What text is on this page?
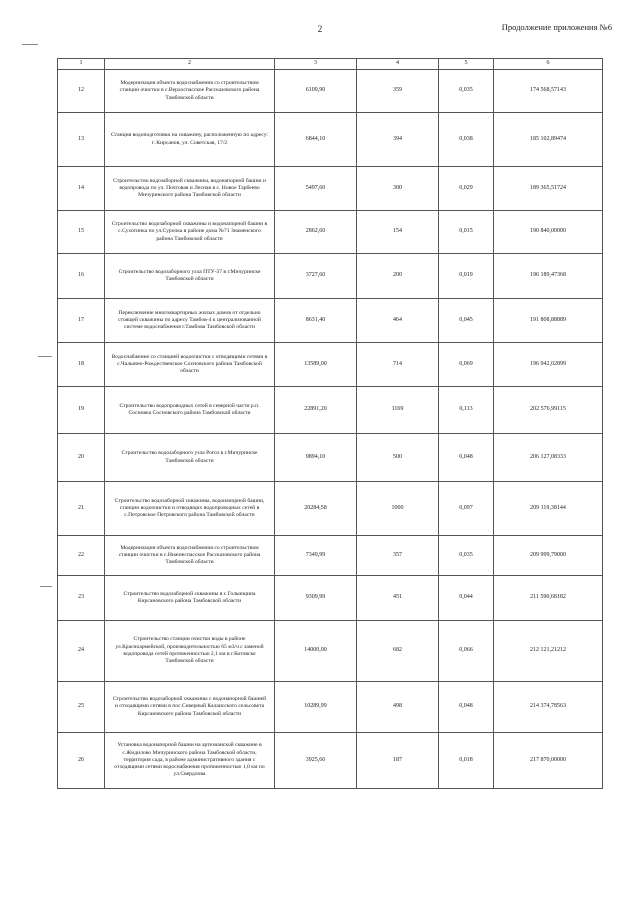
2	Продолжение приложения №6
1	2	3	4	5	6
12	Модернизация объекта водоснабжения со строительством станции очистки в с.Верхоспасское Рассказовского района Тамбовской области	6109,90	359	0,035	174 568,57143
13	Станция водоподготовки на скважину, расположенную по адресу: г. Кирсанов, ул. Советская, 17/2	6844,10	394	0,038	185 102,89474
14	Строительство водозаборной скважины, водонапорной башни и водопровода по ул. Почтовая и Лесная в с. Новое Тарбеево Мичуринского района Тамбовской области	5497,60	300	0,029	189 365,51724
15	Строительство водозаборной скважины и водонапорной башни в с.Сухотинка по ул.Сурочка в районе дома №71 Знаменского района Тамбовской области	2862,60	154	0,015	190 840,00000
16	Строительство водозаборного узла ПТУ-37 в г.Мичуринске Тамбовской области	3727,60	200	0,019	196 189,47368
17	Переключение многоквартирных жилых домов от отдельно стоящей скважины по адресу Тамбов-4 к централизованной системе водоснабжения г.Тамбова Тамбовской области	8631,40	464	0,045	191 808,88889
18	Водоснабжение со станцией водоочистки с отводящими сетями в с.Чалынно-Рождественское Сосновского района Тамбовской области	13589,00	714	0,069	196 942,02899
19	Строительство водопроводных сетей в северной части р.п. Сосновка Сосновского района Тамбовской области	22891,20	1169	0,113	202 576,99115
20	Строительство водозаборного узла Рогоз в г.Мичуринске Тамбовской области	9894,10	500	0,048	206 127,08333
21	Строительство водозаборной скважины, водонапорной башни, станции водоочистки и отводящих водопроводных сетей в с.Петровское Петровского района Тамбовской области	20284,58	1000	0,097	209 119,38144
22	Модернизация объекта водоснабжения со строительством станции очистки в с.Нижнеспасское Рассказовского района Тамбовской области	7349,99	357	0,035	209 999,79000
23	Строительство водозаборной скважины в с.Голынщина Кирсановского района Тамбовской области	9309,99	451	0,044	211 590,68182
24	Строительство станции очистки воды в районе ул.Красноармейской, производительностью 65 м3/ч с заменой водопровода сетей протяженностью 2,1 км в г.Котовске Тамбовской области	14000,00	682	0,066	212 121,21212
25	Строительство водозаборной скважины с водонапорной башней и отходящими сетями в пос.Северный Калаисского сельсовета Кирсановского района Тамбовской области	10289,99	498	0,048	214 374,78563
26	Установка водонапорной башни на артезианской скважине в с.Жидилово Мичуринского района Тамбовской области, территория сада, в районе административного здания с отходящими сетями водоснабжения протяженностью 1,0 км по ул.Свердлова	3925,66	187	0,018	217 870,00000
